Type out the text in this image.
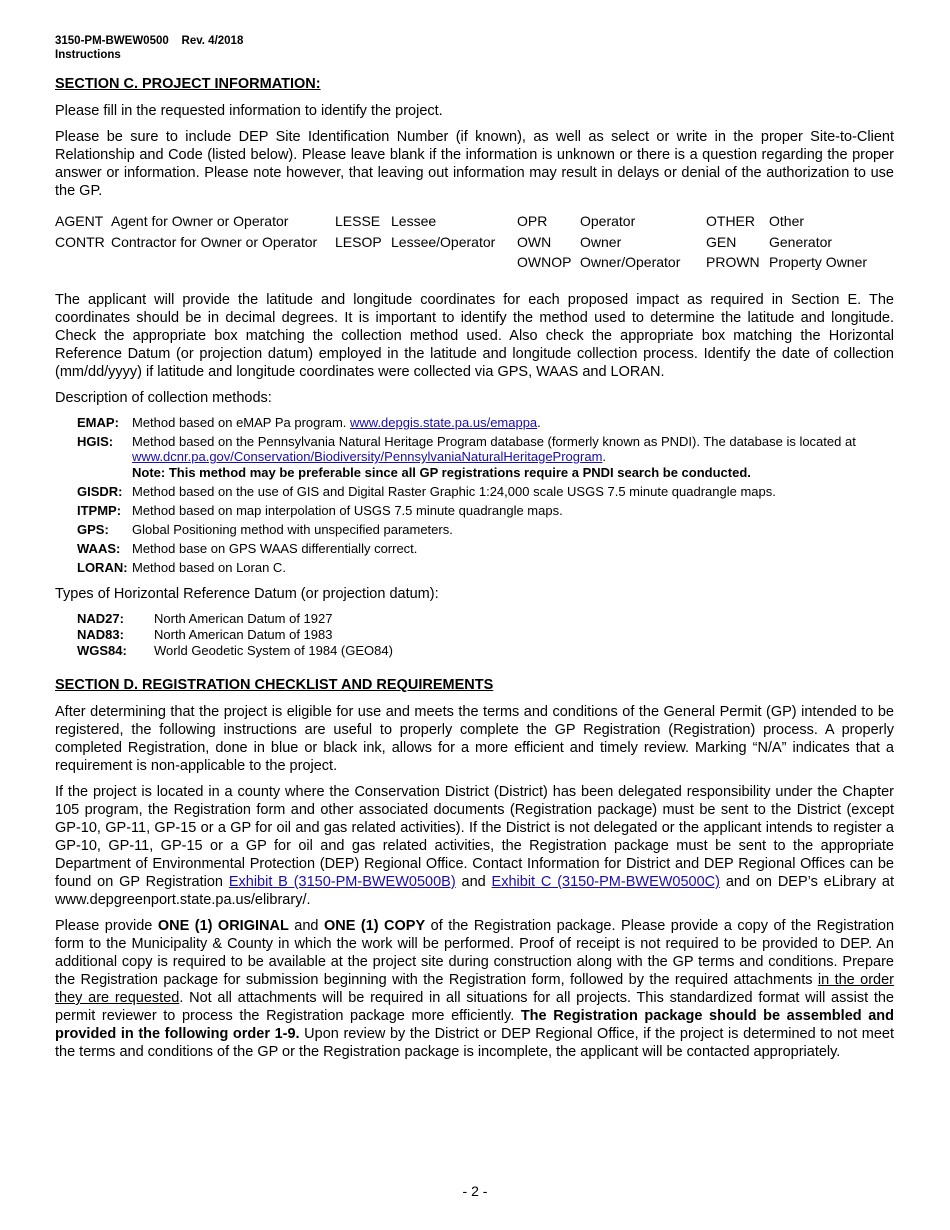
3150-PM-BWEW0500    Rev. 4/2018
Instructions
SECTION C. PROJECT INFORMATION:

Please fill in the requested information to identify the project.

Please be sure to include DEP Site Identification Number (if known), as well as select or write in the proper Site-to-Client Relationship and Code (listed below). Please leave blank if the information is unknown or there is a question regarding the proper answer or information. Please note however, that leaving out information may result in delays or denial of the authorization to use the GP.

AGENT	Agent for Owner or Operator	LESSE	Lessee	OPR	Operator	OTHER	Other
CONTR	Contractor for Owner or Operator	LESOP	Lessee/Operator	OWN	Owner	GEN	Generator
				OWNOP	Owner/Operator	PROWN	Property Owner

The applicant will provide the latitude and longitude coordinates for each proposed impact as required in Section E. The coordinates should be in decimal degrees. It is important to identify the method used to determine the latitude and longitude. Check the appropriate box matching the collection method used. Also check the appropriate box matching the Horizontal Reference Datum (or projection datum) employed in the latitude and longitude collection process. Identify the date of collection (mm/dd/yyyy) if latitude and longitude coordinates were collected via GPS, WAAS and LORAN.

Description of collection methods:

EMAP:	Method based on eMAP Pa program. www.depgis.state.pa.us/emappa.
HGIS:	Method based on the Pennsylvania Natural Heritage Program database (formerly known as PNDI). The database is located at www.dcnr.pa.gov/Conservation/Biodiversity/PennsylvaniaNaturalHeritageProgram.
Note: This method may be preferable since all GP registrations require a PNDI search be conducted.
GISDR: Method based on the use of GIS and Digital Raster Graphic 1:24,000 scale USGS 7.5 minute quadrangle maps.
ITPMP: Method based on map interpolation of USGS 7.5 minute quadrangle maps.
GPS:	Global Positioning method with unspecified parameters.
WAAS: Method base on GPS WAAS differentially correct.
LORAN: Method based on Loran C.

Types of Horizontal Reference Datum (or projection datum):

NAD27:	North American Datum of 1927
NAD83:	North American Datum of 1983
WGS84:	World Geodetic System of 1984 (GEO84)
SECTION D. REGISTRATION CHECKLIST AND REQUIREMENTS

After determining that the project is eligible for use and meets the terms and conditions of the General Permit (GP) intended to be registered, the following instructions are useful to properly complete the GP Registration (Registration) process. A properly completed Registration, done in blue or black ink, allows for a more efficient and timely review. Marking “N/A” indicates that a requirement is non-applicable to the project.

If the project is located in a county where the Conservation District (District) has been delegated responsibility under the Chapter 105 program, the Registration form and other associated documents (Registration package) must be sent to the District (except GP-10, GP-11, GP-15 or a GP for oil and gas related activities). If the District is not delegated or the applicant intends to register a GP-10, GP-11, GP-15 or a GP for oil and gas related activities, the Registration package must be sent to the appropriate Department of Environmental Protection (DEP) Regional Office. Contact Information for District and DEP Regional Offices can be found on GP Registration Exhibit B (3150-PM-BWEW0500B) and Exhibit C (3150-PM-BWEW0500C) and on DEP’s eLibrary at www.depgreenport.state.pa.us/elibrary/.

Please provide ONE (1) ORIGINAL and ONE (1) COPY of the Registration package. Please provide a copy of the Registration form to the Municipality & County in which the work will be performed. Proof of receipt is not required to be provided to DEP. An additional copy is required to be available at the project site during construction along with the GP terms and conditions. Prepare the Registration package for submission beginning with the Registration form, followed by the required attachments in the order they are requested. Not all attachments will be required in all situations for all projects. This standardized format will assist the permit reviewer to process the Registration package more efficiently. The Registration package should be assembled and provided in the following order 1-9. Upon review by the District or DEP Regional Office, if the project is determined to not meet the terms and conditions of the GP or the Registration package is incomplete, the applicant will be contacted appropriately.

- 2 -
